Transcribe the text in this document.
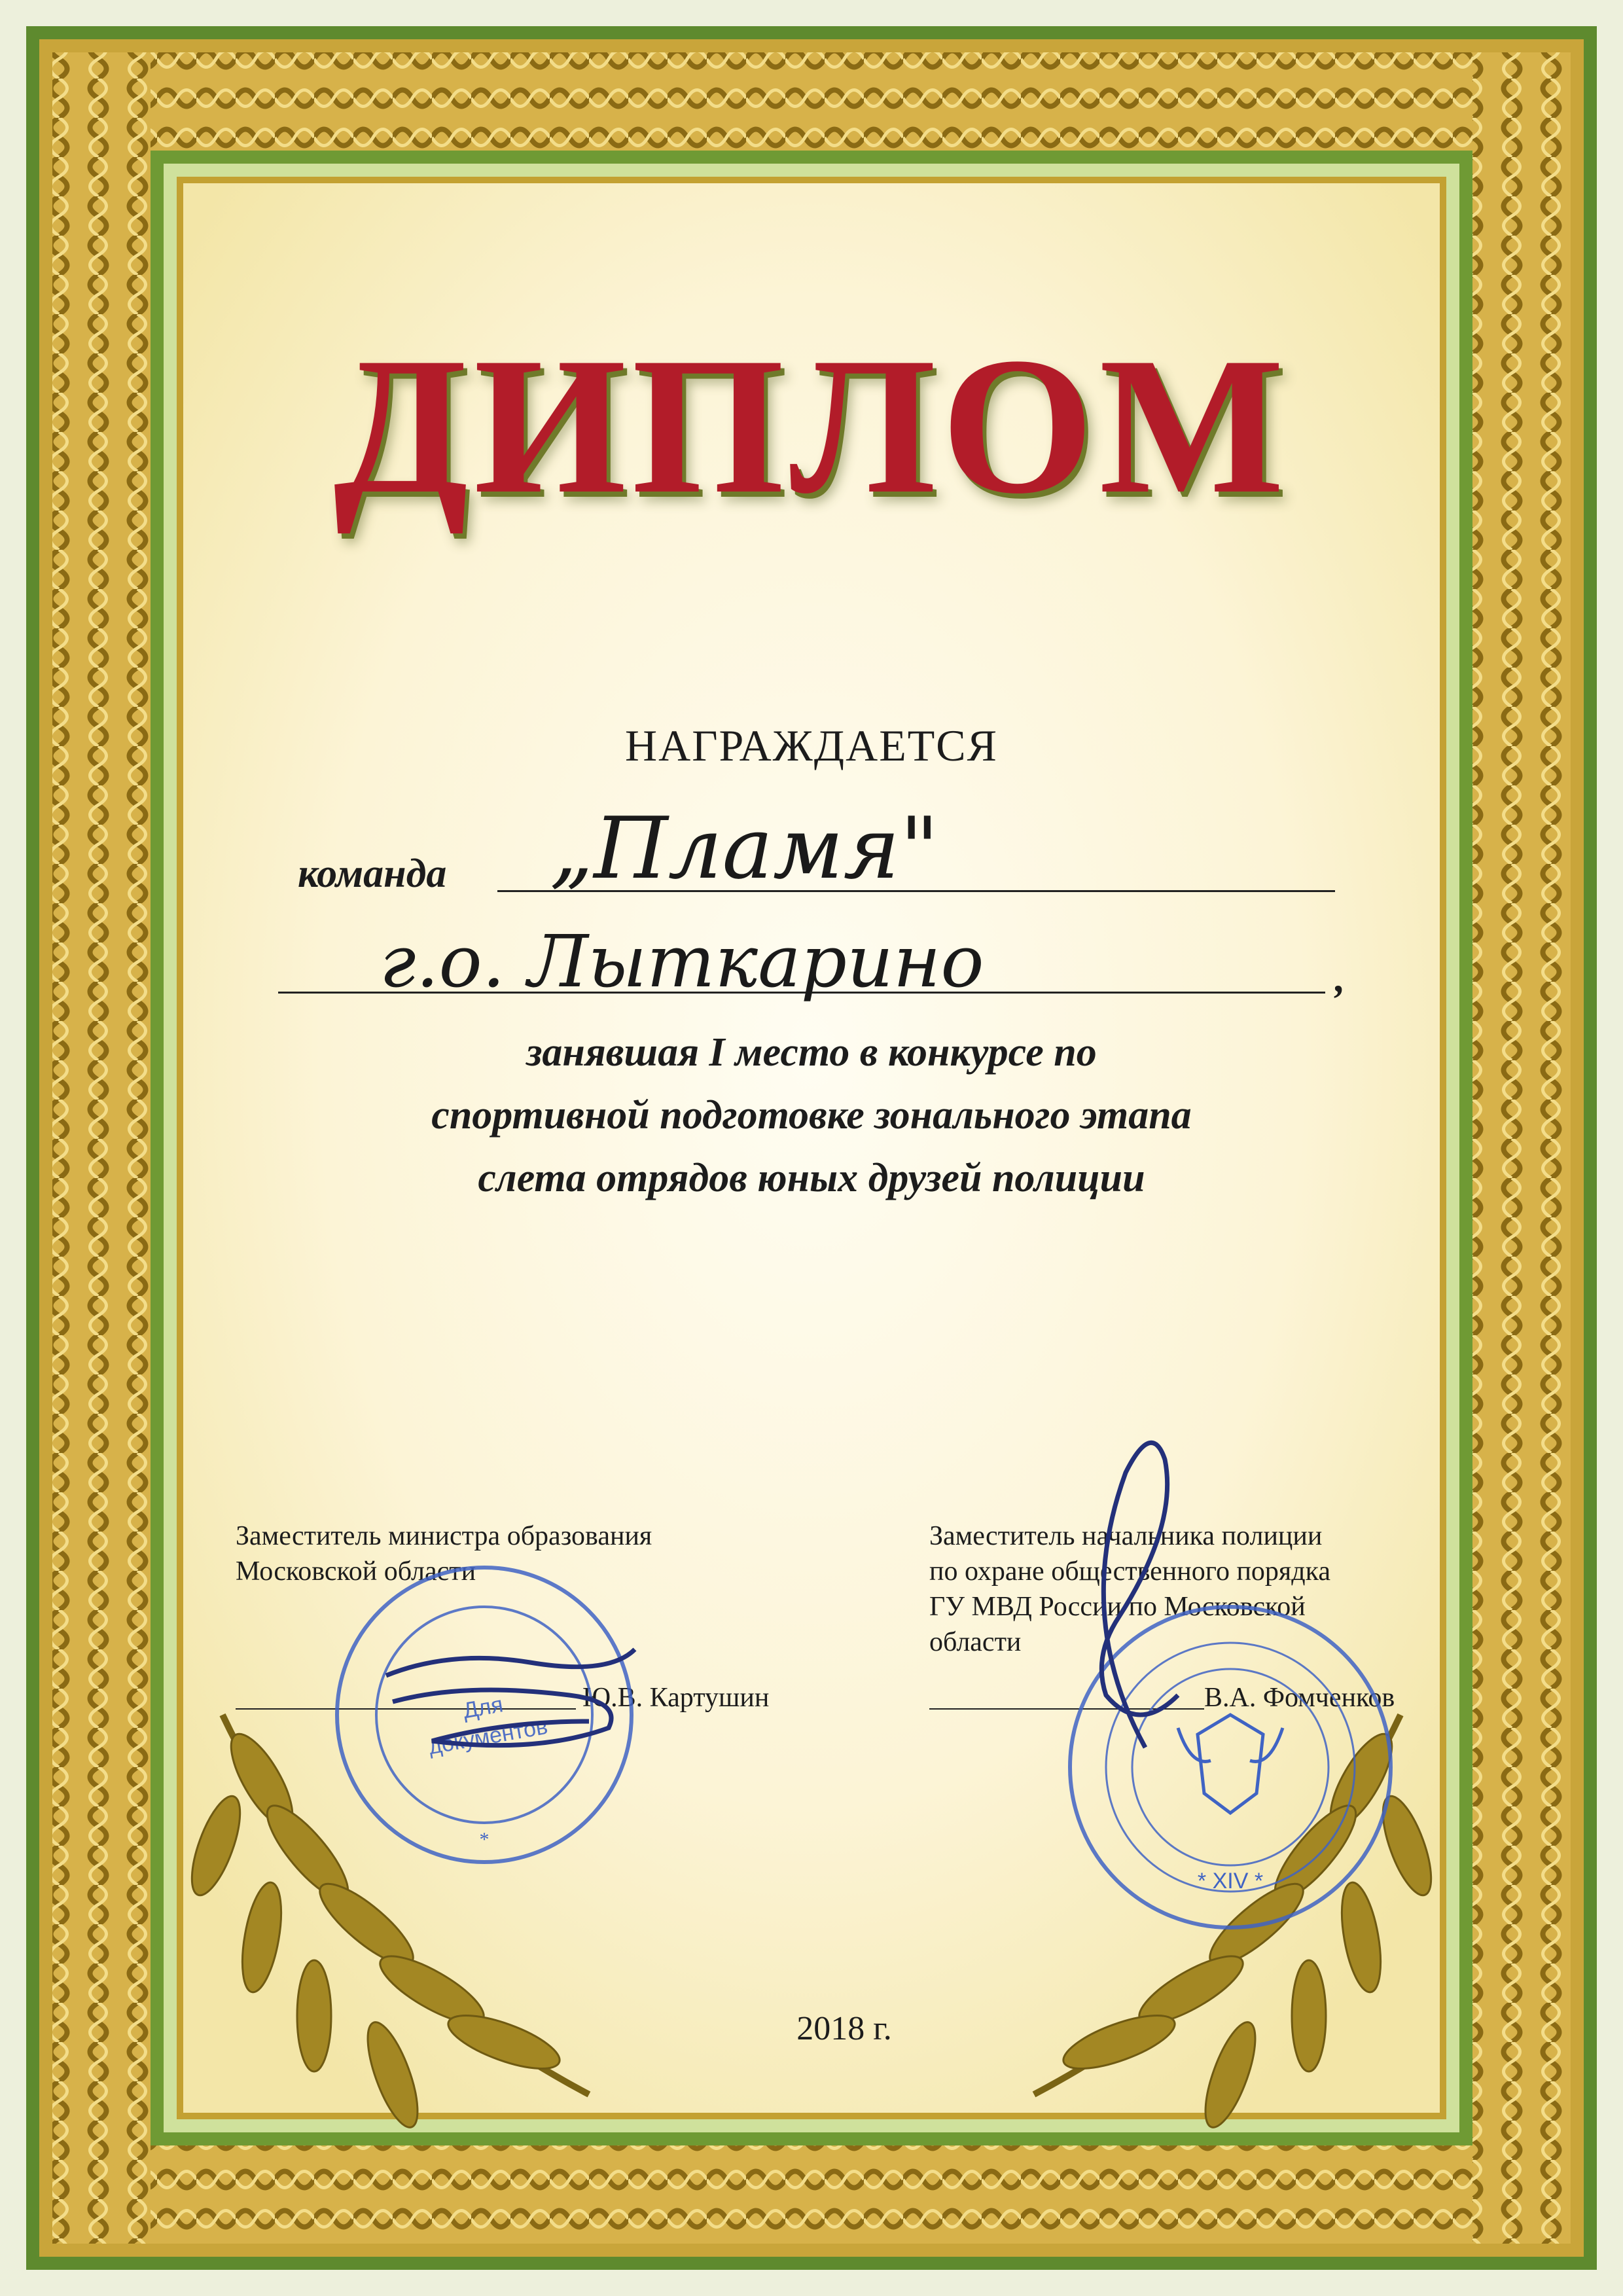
ДИПЛОМ
НАГРАЖДАЕТСЯ
команда „Пламя"
г.о. Лыткарино	,
занявшая I место в конкурсе по
спортивной подготовке зонального этапа
слета отрядов юных друзей полиции
Заместитель министра образования
Московской области
Ю.В. Картушин
Заместитель начальника полиции
по охране общественного порядка
ГУ МВД России по Московской
области
В.А. Фомченков
Для
документов
*
* XIV *
2018 г.
